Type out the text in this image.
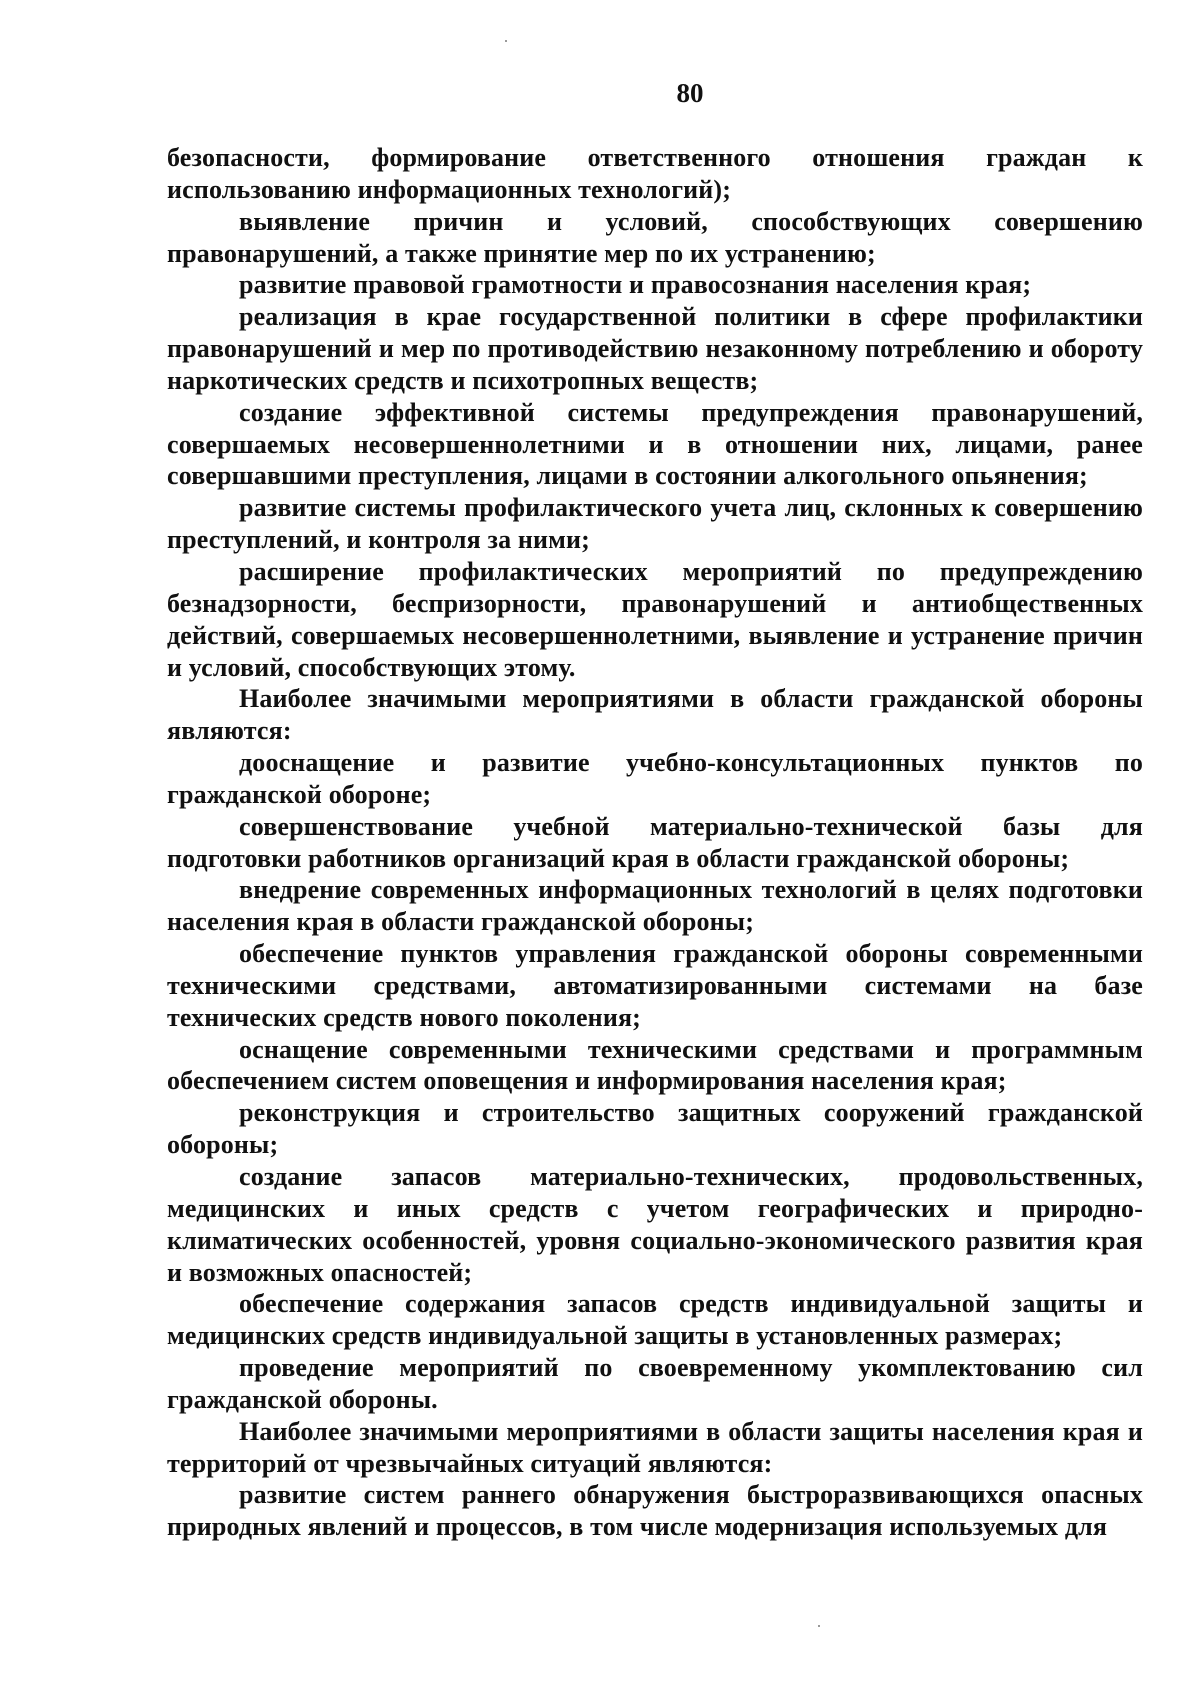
80

безопасности, формирование ответственного отношения граждан к использованию информационных технологий);

выявление причин и условий, способствующих совершению правонарушений, а также принятие мер по их устранению;

развитие правовой грамотности и правосознания населения края;

реализация в крае государственной политики в сфере профилактики правонарушений и мер по противодействию незаконному потреблению и обороту наркотических средств и психотропных веществ;

создание эффективной системы предупреждения правонарушений, совершаемых несовершеннолетними и в отношении них, лицами, ранее совершавшими преступления, лицами в состоянии алкогольного опьянения;

развитие системы профилактического учета лиц, склонных к совершению преступлений, и контроля за ними;

расширение профилактических мероприятий по предупреждению безнадзорности, беспризорности, правонарушений и антиобщественных действий, совершаемых несовершеннолетними, выявление и устранение причин и условий, способствующих этому.

Наиболее значимыми мероприятиями в области гражданской обороны являются:

дооснащение и развитие учебно-консультационных пунктов по гражданской обороне;

совершенствование учебной материально-технической базы для подготовки работников организаций края в области гражданской обороны;

внедрение современных информационных технологий в целях подготовки населения края в области гражданской обороны;

обеспечение пунктов управления гражданской обороны современными техническими средствами, автоматизированными системами на базе технических средств нового поколения;

оснащение современными техническими средствами и программным обеспечением систем оповещения и информирования населения края;

реконструкция и строительство защитных сооружений гражданской обороны;

создание запасов материально-технических, продовольственных, медицинских и иных средств с учетом географических и природно-климатических особенностей, уровня социально-экономического развития края и возможных опасностей;

обеспечение содержания запасов средств индивидуальной защиты и медицинских средств индивидуальной защиты в установленных размерах;

проведение мероприятий по своевременному укомплектованию сил гражданской обороны.

Наиболее значимыми мероприятиями в области защиты населения края и территорий от чрезвычайных ситуаций являются:

развитие систем раннего обнаружения быстроразвивающихся опасных природных явлений и процессов, в том числе модернизация используемых для
